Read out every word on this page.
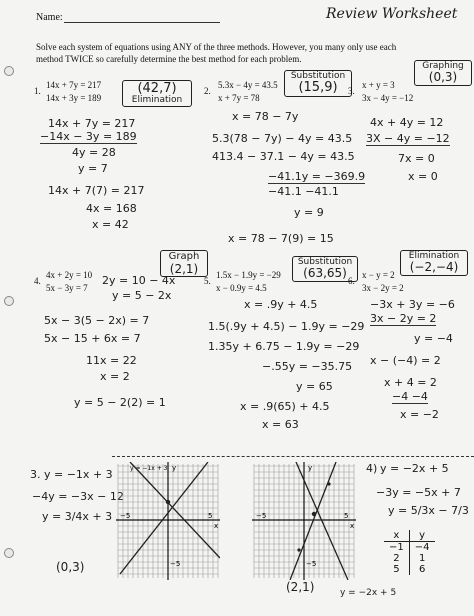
Name:	Review Worksheet
Solve each system of equations using ANY of the three methods. However, you many only use each
method TWICE so carefully determine the best method for each problem.
1.
14x + 7y = 217
14x + 3y = 189
(42,7)
Elimination
14x + 7y = 217
−14x − 3y = 189
4y = 28
y = 7
14x + 7(7) = 217
4x = 168
x = 42
2.
5.3x − 4y = 43.5
x + 7y = 78
Substitution
(15,9)
x = 78 − 7y
5.3(78 − 7y) − 4y = 43.5
413.4 − 37.1 − 4y = 43.5
−41.1y = −369.9
−41.1 −41.1
y = 9
x = 78 − 7(9) = 15
3.
x + y = 3
3x − 4y = −12
Graphing
(0,3)
4x + 4y = 12
3X − 4y = −12
7x = 0
x = 0
4.
4x + 2y = 10
5x − 3y = 7
Graph
(2,1)
2y = 10 − 4x
y = 5 − 2x
5x − 3(5 − 2x) = 7
5x − 15 + 6x = 7
11x = 22
x = 2
y = 5 − 2(2) = 1
5.
1.5x − 1.9y = −29
x − 0.9y = 4.5
Substitution
(63,65)
x = .9y + 4.5
1.5(.9y + 4.5) − 1.9y = −29
1.35y + 6.75 − 1.9y = −29
−.55y = −35.75
y = 65
x = .9(65) + 4.5
x = 63
6.
x − y = 2
3x − 2y = 2
Elimination
(−2,−4)
−3x + 3y = −6
3x − 2y = 2
y = −4
x − (−4) = 2
x + 4 = 2
−4 −4
x = −2
3. y = −1x + 3
−4y = −3x − 12
y = 3/4x + 3
(0,3)
−5	5
−5
y
x
y = −1x + 3
−5	5
−5
y
x
y = −2x + 5
(2,1)
4) y = −2x + 5
−3y = −5x + 7
y = 5/3x − 7/3
x	y
−1	−4
2	1
5	6
